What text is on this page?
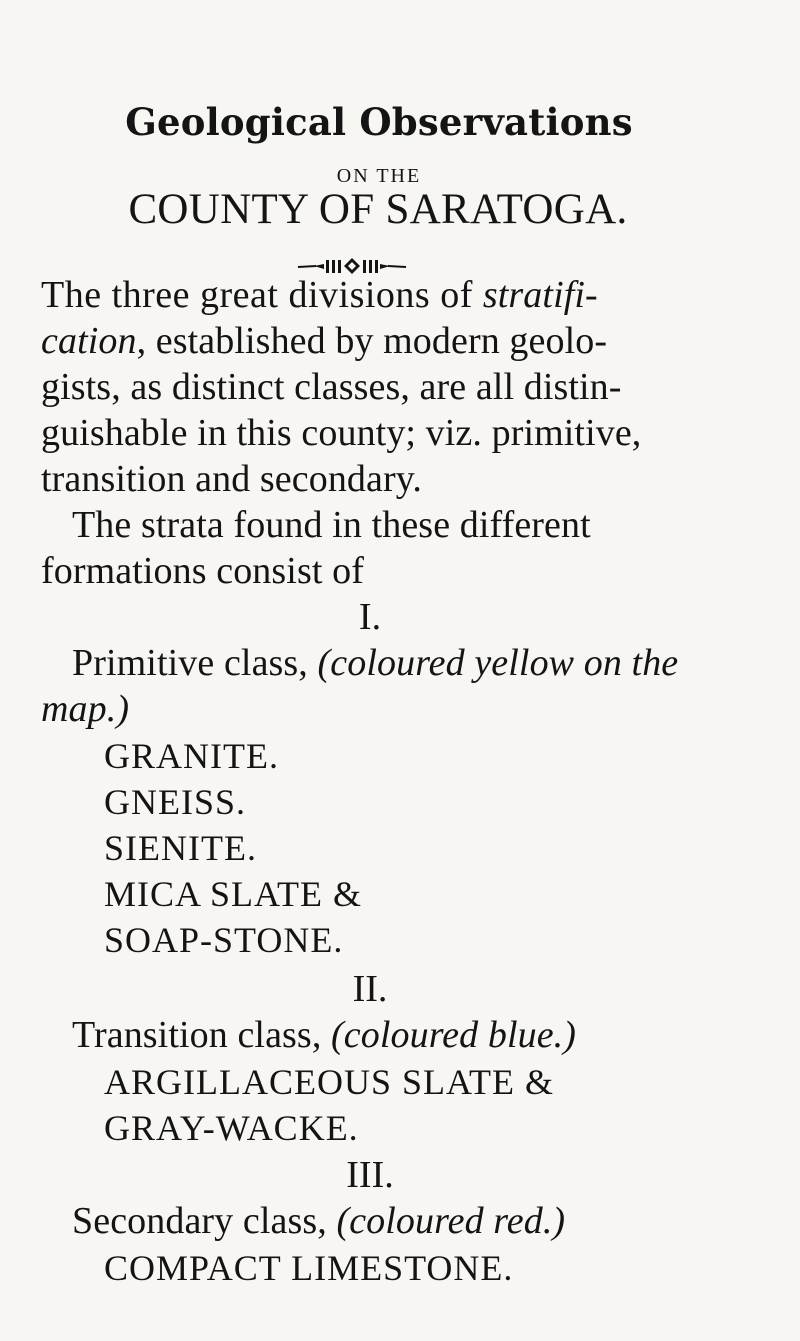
Geological Observations
ON THE
COUNTY OF SARATOGA.
The three great divisions of stratifi-
cation, established by modern geolo-
gists, as distinct classes, are all distin-
guishable in this county; viz. primitive,
transition and secondary.
The strata found in these different
formations consist of
I.
Primitive class, (coloured yellow on the
map.)
GRANITE.
GNEISS.
SIENITE.
MICA SLATE &
SOAP-STONE.
II.
Transition class, (coloured blue.)
ARGILLACEOUS SLATE &
GRAY-WACKE.
III.
Secondary class, (coloured red.)
COMPACT LIMESTONE.
